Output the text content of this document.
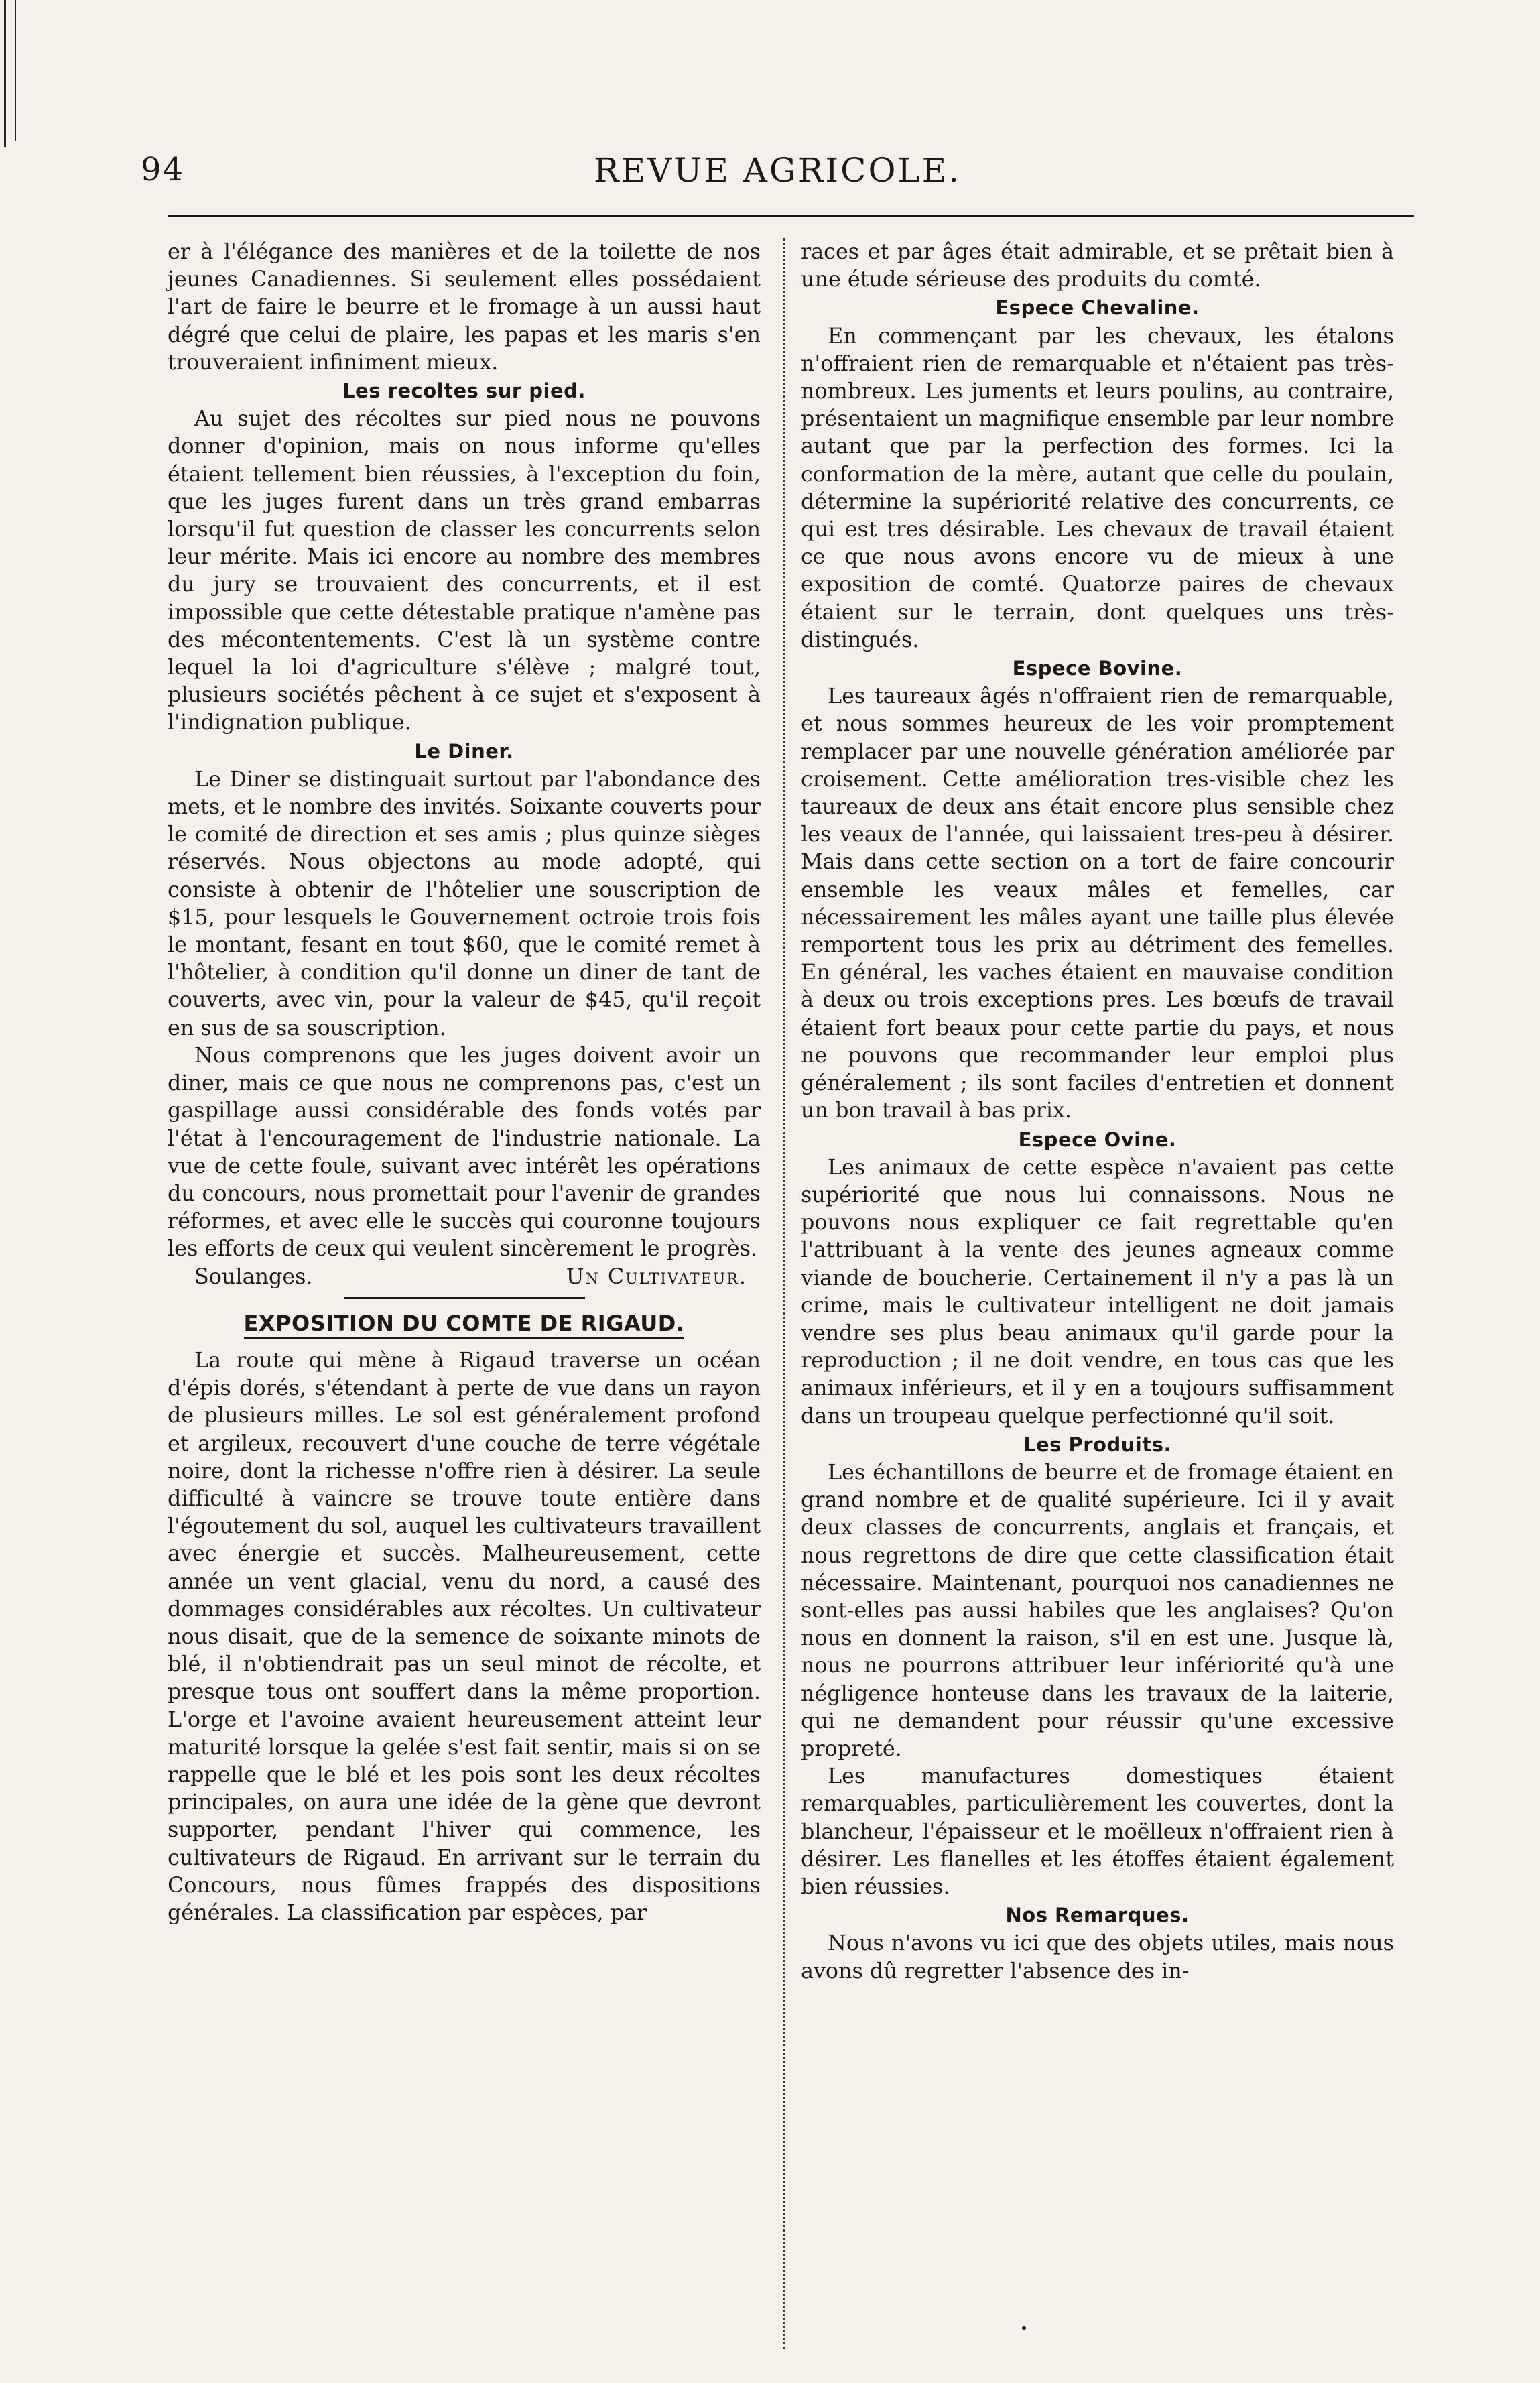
94	REVUE AGRICOLE.

er à l'élégance des manières et de la toilette de nos jeunes Canadiennes. Si seulement elles possédaient l'art de faire le beurre et le fromage à un aussi haut dégré que celui de plaire, les papas et les maris s'en trouveraient infiniment mieux.

Les recoltes sur pied.

Au sujet des récoltes sur pied nous ne pouvons donner d'opinion, mais on nous informe qu'elles étaient tellement bien réussies, à l'exception du foin, que les juges furent dans un très grand embarras lorsqu'il fut question de classer les concurrents selon leur mérite. Mais ici encore au nombre des membres du jury se trouvaient des concurrents, et il est impossible que cette détestable pratique n'amène pas des mécontentements. C'est là un système contre lequel la loi d'agriculture s'élève ; malgré tout, plusieurs sociétés pêchent à ce sujet et s'exposent à l'indignation publique.

Le Diner.

Le Diner se distinguait surtout par l'abondance des mets, et le nombre des invités. Soixante couverts pour le comité de direction et ses amis ; plus quinze sièges réservés. Nous objectons au mode adopté, qui consiste à obtenir de l'hôtelier une souscription de $15, pour lesquels le Gouvernement octroie trois fois le montant, fesant en tout $60, que le comité remet à l'hôtelier, à condition qu'il donne un diner de tant de couverts, avec vin, pour la valeur de $45, qu'il reçoit en sus de sa souscription.

Nous comprenons que les juges doivent avoir un diner, mais ce que nous ne comprenons pas, c'est un gaspillage aussi considérable des fonds votés par l'état à l'encouragement de l'industrie nationale. La vue de cette foule, suivant avec intérêt les opérations du concours, nous promettait pour l'avenir de grandes réformes, et avec elle le succès qui couronne toujours les efforts de ceux qui veulent sincèrement le progrès.

Soulanges.	Un Cultivateur.
EXPOSITION DU COMTE DE RIGAUD.

La route qui mène à Rigaud traverse un océan d'épis dorés, s'étendant à perte de vue dans un rayon de plusieurs milles. Le sol est généralement profond et argileux, recouvert d'une couche de terre végétale noire, dont la richesse n'offre rien à désirer. La seule difficulté à vaincre se trouve toute entière dans l'égoutement du sol, auquel les cultivateurs travaillent avec énergie et succès. Malheureusement, cette année un vent glacial, venu du nord, a causé des dommages considérables aux récoltes. Un cultivateur nous disait, que de la semence de soixante minots de blé, il n'obtiendrait pas un seul minot de récolte, et presque tous ont souffert dans la même proportion. L'orge et l'avoine avaient heureusement atteint leur maturité lorsque la gelée s'est fait sentir, mais si on se rappelle que le blé et les pois sont les deux récoltes principales, on aura une idée de la gène que devront supporter, pendant l'hiver qui commence, les cultivateurs de Rigaud. En arrivant sur le terrain du Concours, nous fûmes frappés des dispositions générales. La classification par espèces, par

races et par âges était admirable, et se prêtait bien à une étude sérieuse des produits du comté.

Espece Chevaline.

En commençant par les chevaux, les étalons n'offraient rien de remarquable et n'étaient pas très-nombreux. Les juments et leurs poulins, au contraire, présentaient un magnifique ensemble par leur nombre autant que par la perfection des formes. Ici la conformation de la mère, autant que celle du poulain, détermine la supériorité relative des concurrents, ce qui est tres désirable. Les chevaux de travail étaient ce que nous avons encore vu de mieux à une exposition de comté. Quatorze paires de chevaux étaient sur le terrain, dont quelques uns très-distingués.

Espece Bovine.

Les taureaux âgés n'offraient rien de remarquable, et nous sommes heureux de les voir promptement remplacer par une nouvelle génération améliorée par croisement. Cette amélioration tres-visible chez les taureaux de deux ans était encore plus sensible chez les veaux de l'année, qui laissaient tres-peu à désirer. Mais dans cette section on a tort de faire concourir ensemble les veaux mâles et femelles, car nécessairement les mâles ayant une taille plus élevée remportent tous les prix au détriment des femelles. En général, les vaches étaient en mauvaise condition à deux ou trois exceptions pres. Les bœufs de travail étaient fort beaux pour cette partie du pays, et nous ne pouvons que recommander leur emploi plus généralement ; ils sont faciles d'entretien et donnent un bon travail à bas prix.

Espece Ovine.

Les animaux de cette espèce n'avaient pas cette supériorité que nous lui connaissons. Nous ne pouvons nous expliquer ce fait regrettable qu'en l'attribuant à la vente des jeunes agneaux comme viande de boucherie. Certainement il n'y a pas là un crime, mais le cultivateur intelligent ne doit jamais vendre ses plus beau animaux qu'il garde pour la reproduction ; il ne doit vendre, en tous cas que les animaux inférieurs, et il y en a toujours suffisamment dans un troupeau quelque perfectionné qu'il soit.

Les Produits.

Les échantillons de beurre et de fromage étaient en grand nombre et de qualité supérieure. Ici il y avait deux classes de concurrents, anglais et français, et nous regrettons de dire que cette classification était nécessaire. Maintenant, pourquoi nos canadiennes ne sont-elles pas aussi habiles que les anglaises? Qu'on nous en donnent la raison, s'il en est une. Jusque là, nous ne pourrons attribuer leur infériorité qu'à une négligence honteuse dans les travaux de la laiterie, qui ne demandent pour réussir qu'une excessive propreté.

Les manufactures domestiques étaient remarquables, particulièrement les couvertes, dont la blancheur, l'épaisseur et le moëlleux n'offraient rien à désirer. Les flanelles et les étoffes étaient également bien réussies.

Nos Remarques.

Nous n'avons vu ici que des objets utiles, mais nous avons dû regretter l'absence des in-
